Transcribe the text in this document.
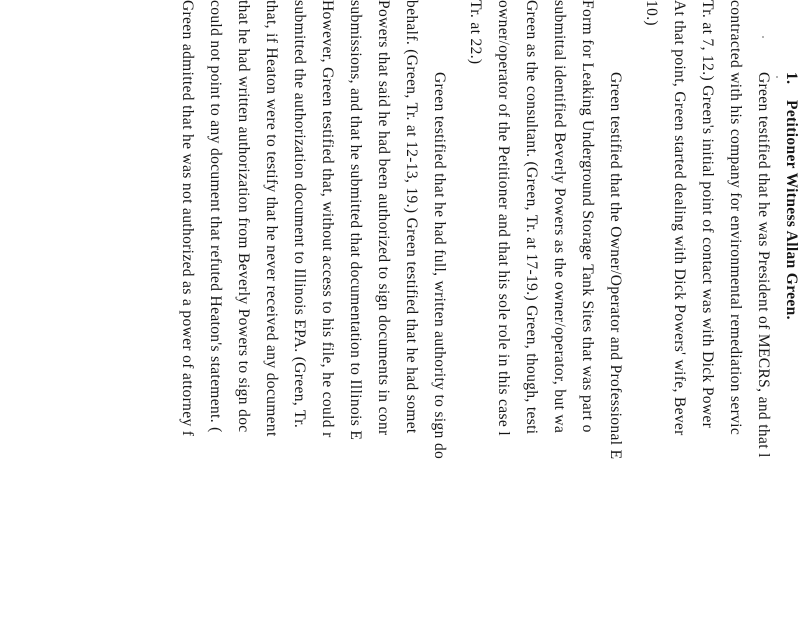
1.Petitioner Witness Allan Green.
Green testified that he was President of MECRS, and that l
contracted with his company for environmental remediation servic
Tr. at 7, 12.) Green's initial point of contact was with Dick Power
At that point, Green started dealing with Dick Powers' wife, Bever
10.)
Green testified that the Owner/Operator and Professional E
Form for Leaking Underground Storage Tank Sites that was part o
submittal identified Beverly Powers as the owner/operator, but wa
Green as the consultant. (Green, Tr. at 17-19.) Green, though, testi
owner/operator of the Petitioner and that his sole role in this case l
Tr. at 22.)
Green testified that he had full, written authority to sign do
behalf. (Green, Tr. at 12-13, 19.) Green testified that he had somet
Powers that said he had been authorized to sign documents in conr
submissions, and that he submitted that documentation to Illinois E
However, Green testified that, without access to his file, he could r
submitted the authorization document to Illinois EPA. (Green, Tr.
that, if Heaton were to testify that he never received any document
that he had written authorization from Beverly Powers to sign doc
could not point to any document that refuted Heaton's statement. (
Green admitted that he was not authorized as a power of attorney f
